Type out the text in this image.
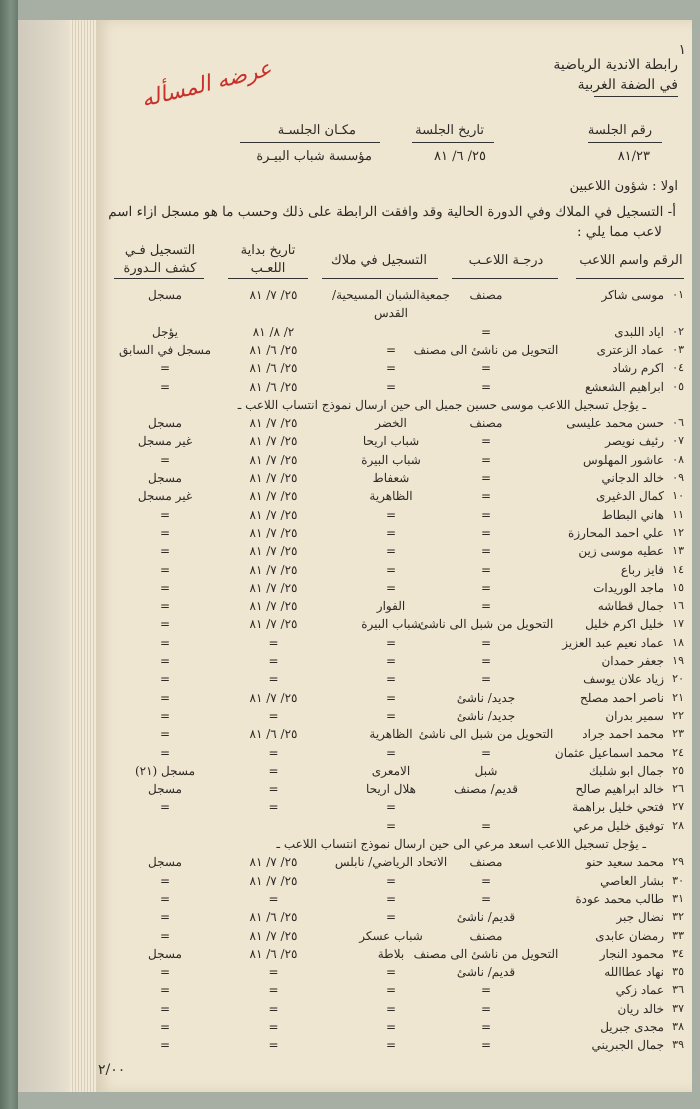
١
عرضه المسأله	رابطة الاندية الرياضية
في الضفة الغربية
رقم الجلسة
٨١/٢٣
تاريخ الجلسة
٢٥/ ٦/ ٨١
مكـان الجلسـة
مؤسسة شباب البيـرة
اولا : شؤون اللاعبين
أ- التسجيل في الملاك وفي الدورة الحالية وقد وافقت الرابطة على ذلك وحسب ما هو مسجل ازاء اسم
لاعب مما يلي :
الرقم واسم اللاعب
درجـة اللاعـب
التسجيل في ملاك
تاريخ بداية
اللعـب
التسجيل فـي
كشف الـدورة
٠١
موسى شاكر
مصنف
جمعيةالشبان المسيحية/
٢٥/ ٧/ ٨١
مسجل
القدس
٠٢
اياد اللبدى
=
٢/ ٨/ ٨١
يؤجل
٠٣
عماد الزعترى
التحويل من ناشئ الى مصنف
=
٢٥/ ٦/ ٨١
مسجل في السابق
٠٤
اكرم رشاد
=
=
٢٥/ ٦/ ٨١
=
٠٥
ابراهيم الشعشع
=
=
٢٥/ ٦/ ٨١
=
ـ يؤجل تسجيل اللاعب موسى حسين جميل الى حين ارسال نموذج انتساب اللاعب ـ
٠٦
حسن محمد عليسى
مصنف
الخضر
٢٥/ ٧/ ٨١
مسجل
٠٧
رئيف نويصر
=
شباب اريحا
٢٥/ ٧/ ٨١
غير مسجل
٠٨
عاشور المهلوس
=
شباب البيرة
٢٥/ ٧/ ٨١
=
٠٩
خالد الدجاني
=
شعفاط
٢٥/ ٧/ ٨١
مسجل
١٠
كمال الدغيرى
=
الظاهرية
٢٥/ ٧/ ٨١
غير مسجل
١١
هاني البطاط
=
=
٢٥/ ٧/ ٨١
=
١٢
علي احمد المحارزة
=
=
٢٥/ ٧/ ٨١
=
١٣
عطيه موسى زين
=
=
٢٥/ ٧/ ٨١
=
١٤
فايز رباع
=
=
٢٥/ ٧/ ٨١
=
١٥
ماجد الوريدات
=
=
٢٥/ ٧/ ٨١
=
١٦
جمال قطاشه
=
الفوار
٢٥/ ٧/ ٨١
=
١٧
خليل اكرم خليل
التحويل من شبل الى ناشئ
شباب البيرة
٢٥/ ٧/ ٨١
=
١٨
عماد نعيم عبد العزيز
=
=
=
=
١٩
جعفر حمدان
=
=
=
=
٢٠
زياد علان يوسف
=
=
=
=
٢١
ناصر احمد مصلح
جديد/ ناشئ
=
٢٥/ ٧/ ٨١
=
٢٢
سمير بدران
جديد/ ناشئ
=
=
=
٢٣
محمد احمد جراد
التحويل من شبل الى ناشئ
الظاهرية
٢٥/ ٦/ ٨١
=
٢٤
محمد اسماعيل عثمان
=
=
=
=
٢٥
جمال ابو شلبك
شبل
الامعرى
=
مسجل (٢١)
٢٦
خالد ابراهيم صالح
قديم/ مصنف
هلال اريحا
=
مسجل
٢٧
فتحي خليل براهمة
=
=
=
٢٨
توفيق خليل مرعي
=
=
ـ يؤجل تسجيل اللاعب اسعد مرعي الى حين ارسال نموذج انتساب اللاعب ـ
٢٩
محمد سعيد حنو
مصنف
الاتحاد الرياضي/ نابلس
٢٥/ ٧/ ٨١
مسجل
٣٠
بشار العاصي
=
=
٢٥/ ٧/ ٨١
=
٣١
طالب محمد عودة
=
=
=
=
٣٢
نضال جبر
قديم/ ناشئ
=
٢٥/ ٦/ ٨١
=
٣٣
رمضان عابدى
مصنف
شباب عسكر
٢٥/ ٧/ ٨١
=
٣٤
محمود النجار
التحويل من ناشئ الى مصنف
بلاطة
٢٥/ ٦/ ٨١
مسجل
٣٥
نهاد عطاالله
قديم/ ناشئ
=
=
=
٣٦
عماد زكي
=
=
=
=
٣٧
خالد ريان
=
=
=
=
٣٨
مجدى جبريل
=
=
=
=
٣٩
جمال الجبريني
=
=
=
=
٢/٠٠
